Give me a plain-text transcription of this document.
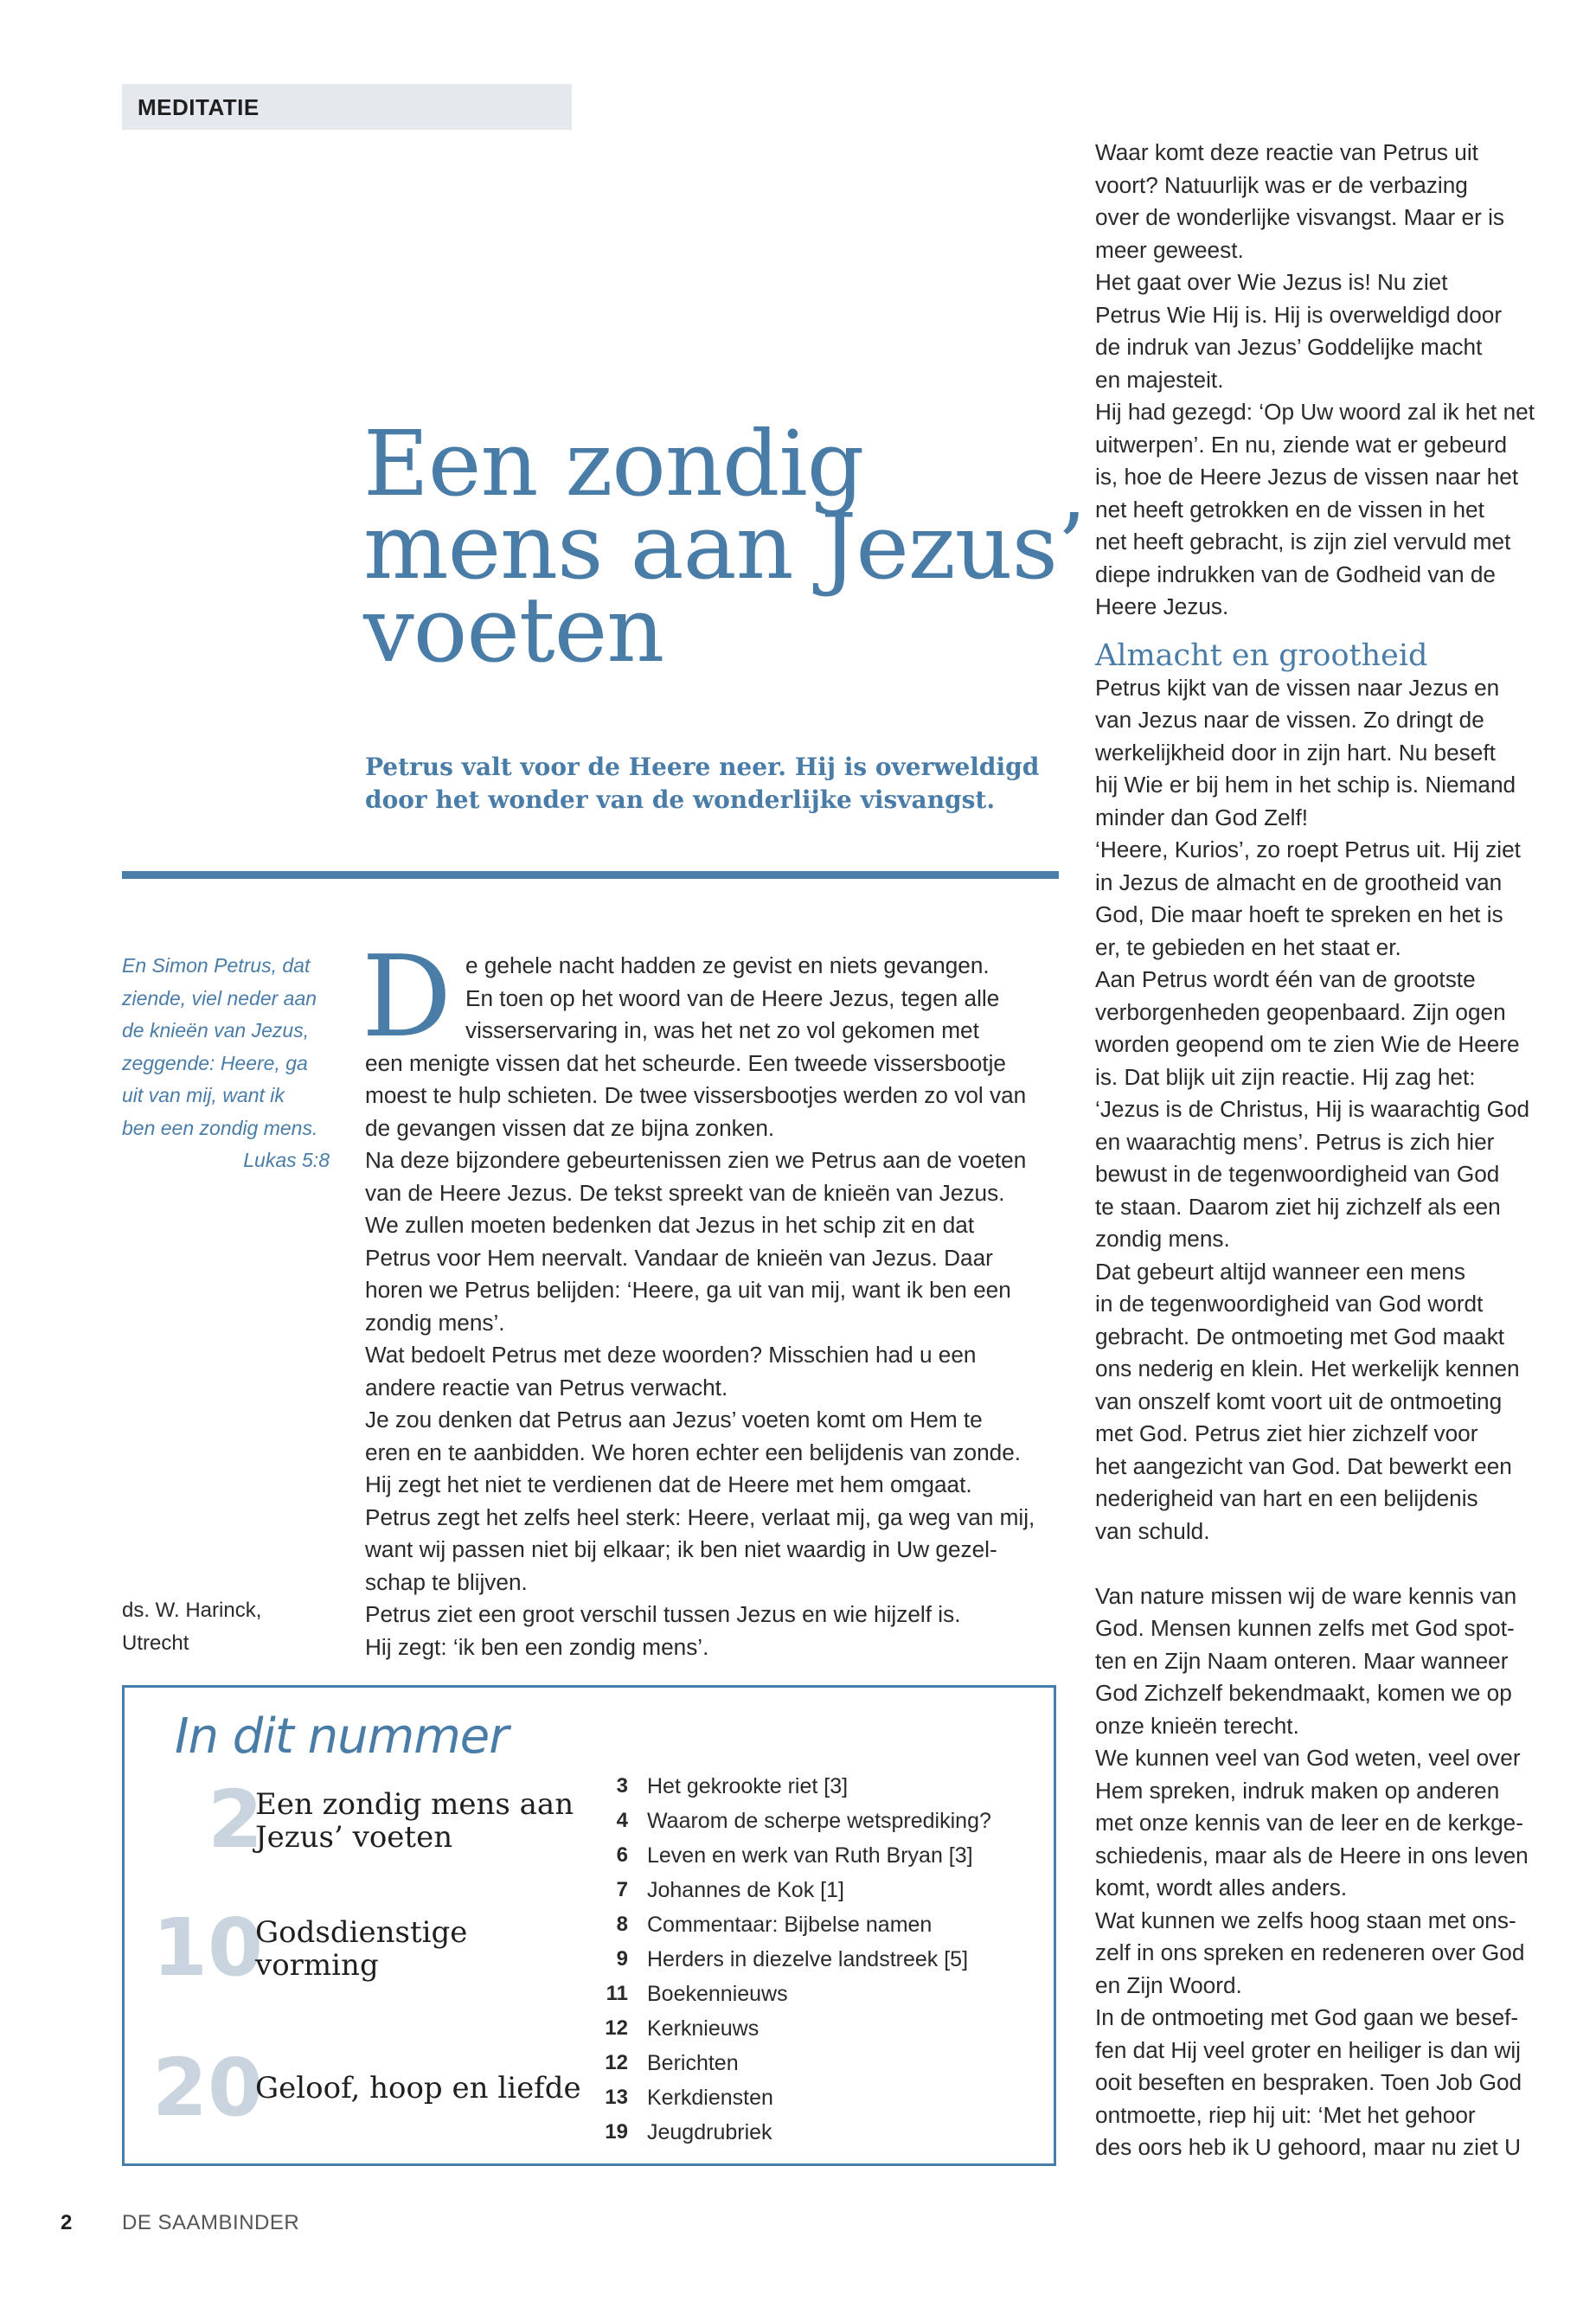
MEDITATIE
Een zondig
mens aan Jezus’
voeten
Petrus valt voor de Heere neer. Hij is overweldigd
door het wonder van de wonderlijke visvangst.
En Simon Petrus, dat
ziende, viel neder aan
de knieën van Jezus,
zeggende: Heere, ga
uit van mij, want ik
ben een zondig mens.
Lukas 5:8
ds. W. Harinck,
Utrecht
D e gehele nacht hadden ze gevist en niets gevangen.

En toen op het woord van de Heere Jezus, tegen alle

visserservaring in, was het net zo vol gekomen met

een menigte vissen dat het scheurde. Een tweede vissersbootje

moest te hulp schieten. De twee vissersbootjes werden zo vol van

de gevangen vissen dat ze bijna zonken.

Na deze bijzondere gebeurtenissen zien we Petrus aan de voeten

van de Heere Jezus. De tekst spreekt van de knieën van Jezus.

We zullen moeten bedenken dat Jezus in het schip zit en dat

Petrus voor Hem neervalt. Vandaar de knieën van Jezus. Daar

horen we Petrus belijden: ‘Heere, ga uit van mij, want ik ben een

zondig mens’.

Wat bedoelt Petrus met deze woorden? Misschien had u een

andere reactie van Petrus verwacht.

Je zou denken dat Petrus aan Jezus’ voeten komt om Hem te

eren en te aanbidden. We horen echter een belijdenis van zonde.

Hij zegt het niet te verdienen dat de Heere met hem omgaat.

Petrus zegt het zelfs heel sterk: Heere, verlaat mij, ga weg van mij,

want wij passen niet bij elkaar; ik ben niet waardig in Uw gezel-

schap te blijven.

Petrus ziet een groot verschil tussen Jezus en wie hijzelf is.

Hij zegt: ‘ik ben een zondig mens’.

Waar komt deze reactie van Petrus uit

voort? Natuurlijk was er de verbazing

over de wonderlijke visvangst. Maar er is

meer geweest.

Het gaat over Wie Jezus is! Nu ziet

Petrus Wie Hij is. Hij is overweldigd door

de indruk van Jezus’ Goddelijke macht

en majesteit.

Hij had gezegd: ‘Op Uw woord zal ik het net

uitwerpen’. En nu, ziende wat er gebeurd

is, hoe de Heere Jezus de vissen naar het

net heeft getrokken en de vissen in het

net heeft gebracht, is zijn ziel vervuld met

diepe indrukken van de Godheid van de

Heere Jezus.

Almacht en grootheid

Petrus kijkt van de vissen naar Jezus en

van Jezus naar de vissen. Zo dringt de

werkelijkheid door in zijn hart. Nu beseft

hij Wie er bij hem in het schip is. Niemand

minder dan God Zelf!

‘Heere, Kurios’, zo roept Petrus uit. Hij ziet

in Jezus de almacht en de grootheid van

God, Die maar hoeft te spreken en het is

er, te gebieden en het staat er.

Aan Petrus wordt één van de grootste

verborgenheden geopenbaard. Zijn ogen

worden geopend om te zien Wie de Heere

is. Dat blijk uit zijn reactie. Hij zag het:

‘Jezus is de Christus, Hij is waarachtig God

en waarachtig mens’. Petrus is zich hier

bewust in de tegenwoordigheid van God

te staan. Daarom ziet hij zichzelf als een

zondig mens.

Dat gebeurt altijd wanneer een mens

in de tegenwoordigheid van God wordt

gebracht. De ontmoeting met God maakt

ons nederig en klein. Het werkelijk kennen

van onszelf komt voort uit de ontmoeting

met God. Petrus ziet hier zichzelf voor

het aangezicht van God. Dat bewerkt een

nederigheid van hart en een belijdenis

van schuld.

Van nature missen wij de ware kennis van

God. Mensen kunnen zelfs met God spot-

ten en Zijn Naam onteren. Maar wanneer

God Zichzelf bekendmaakt, komen we op

onze knieën terecht.

We kunnen veel van God weten, veel over

Hem spreken, indruk maken op anderen

met onze kennis van de leer en de kerkge-

schiedenis, maar als de Heere in ons leven

komt, wordt alles anders.

Wat kunnen we zelfs hoog staan met ons-

zelf in ons spreken en redeneren over God

en Zijn Woord.

In de ontmoeting met God gaan we besef-

fen dat Hij veel groter en heiliger is dan wij

ooit beseften en bespraken. Toen Job God

ontmoette, riep hij uit: ‘Met het gehoor

des oors heb ik U gehoord, maar nu ziet U

In dit nummer
2
Een zondig mens aan
Jezus’ voeten
10
Godsdienstige
vorming
20
Geloof, hoop en liefde
3 Het gekrookte riet [3]
4 Waarom de scherpe wetsprediking?
6 Leven en werk van Ruth Bryan [3]
7 Johannes de Kok [1]
8 Commentaar: Bijbelse namen
9 Herders in diezelve landstreek [5]
11 Boekennieuws
12 Kerknieuws
12 Berichten
13 Kerkdiensten
19 Jeugdrubriek
2 DE SAAMBINDER
